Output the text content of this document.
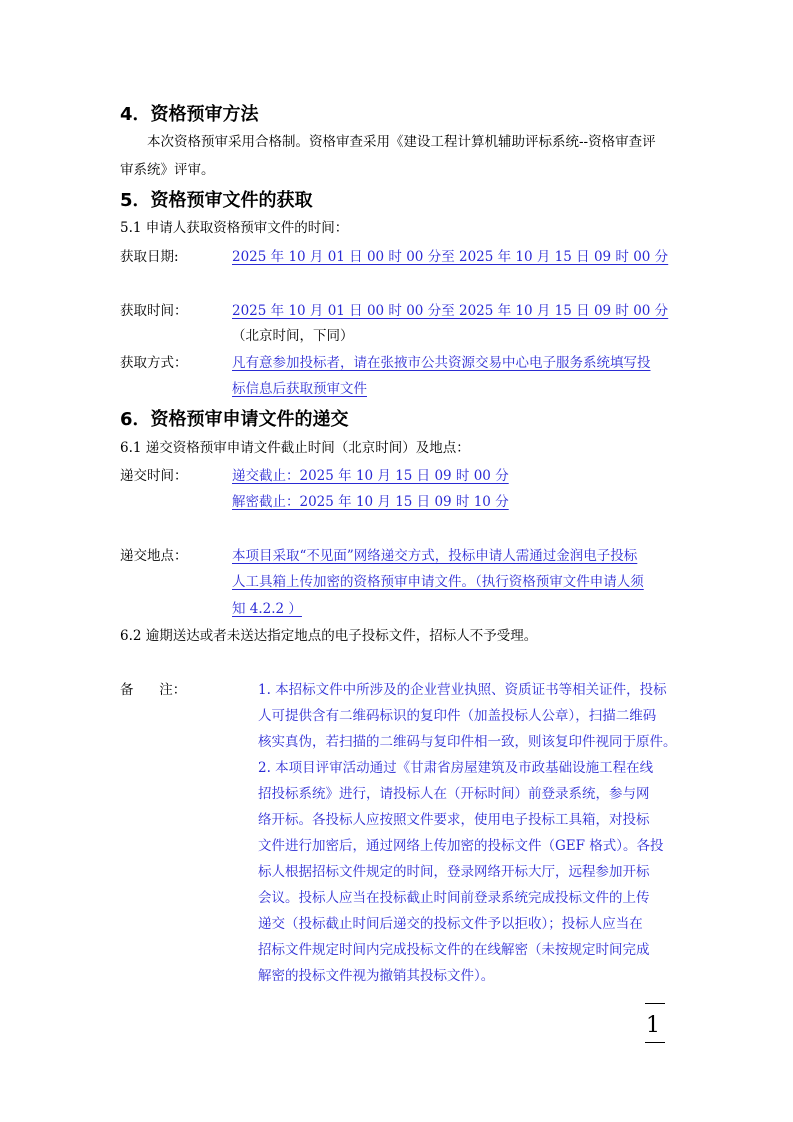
4．资格预审方法
本次资格预审采用合格制。资格审查采用《建设工程计算机辅助评标系统--资格审查评
审系统》评审。
5．资格预审文件的获取
5.1 申请人获取资格预审文件的时间：
获取日期:	2025 年 10 月 01 日 00 时 00 分至 2025 年 10 月 15 日 09 时 00 分
获取时间：	2025 年 10 月 01 日 00 时 00 分至 2025 年 10 月 15 日 09 时 00 分
（北京时间，下同）
获取方式：	凡有意参加投标者，请在张掖市公共资源交易中心电子服务系统填写投
标信息后获取预审文件
6．资格预审申请文件的递交
6.1 递交资格预审申请文件截止时间（北京时间）及地点：
递交时间：	递交截止：2025 年 10 月 15 日 09 时 00 分
解密截止：2025 年 10 月 15 日 09 时 10 分
递交地点：	本项目采取“不见面”网络递交方式，投标申请人需通过金润电子投标
人工具箱上传加密的资格预审申请文件。（执行资格预审文件申请人须
知 4.2.2 ）
6.2 逾期送达或者未送达指定地点的电子投标文件，招标人不予受理。
备      注：	1. 本招标文件中所涉及的企业营业执照、资质证书等相关证件，投标
人可提供含有二维码标识的复印件（加盖投标人公章），扫描二维码
核实真伪，若扫描的二维码与复印件相一致，则该复印件视同于原件。
2. 本项目评审活动通过《甘肃省房屋建筑及市政基础设施工程在线
招投标系统》进行，请投标人在（开标时间）前登录系统，参与网
络开标。各投标人应按照文件要求，使用电子投标工具箱，对投标
文件进行加密后，通过网络上传加密的投标文件（GEF 格式）。各投
标人根据招标文件规定的时间，登录网络开标大厅，远程参加开标
会议。投标人应当在投标截止时间前登录系统完成投标文件的上传
递交（投标截止时间后递交的投标文件予以拒收）；投标人应当在
招标文件规定时间内完成投标文件的在线解密（未按规定时间完成
解密的投标文件视为撤销其投标文件）。
1
